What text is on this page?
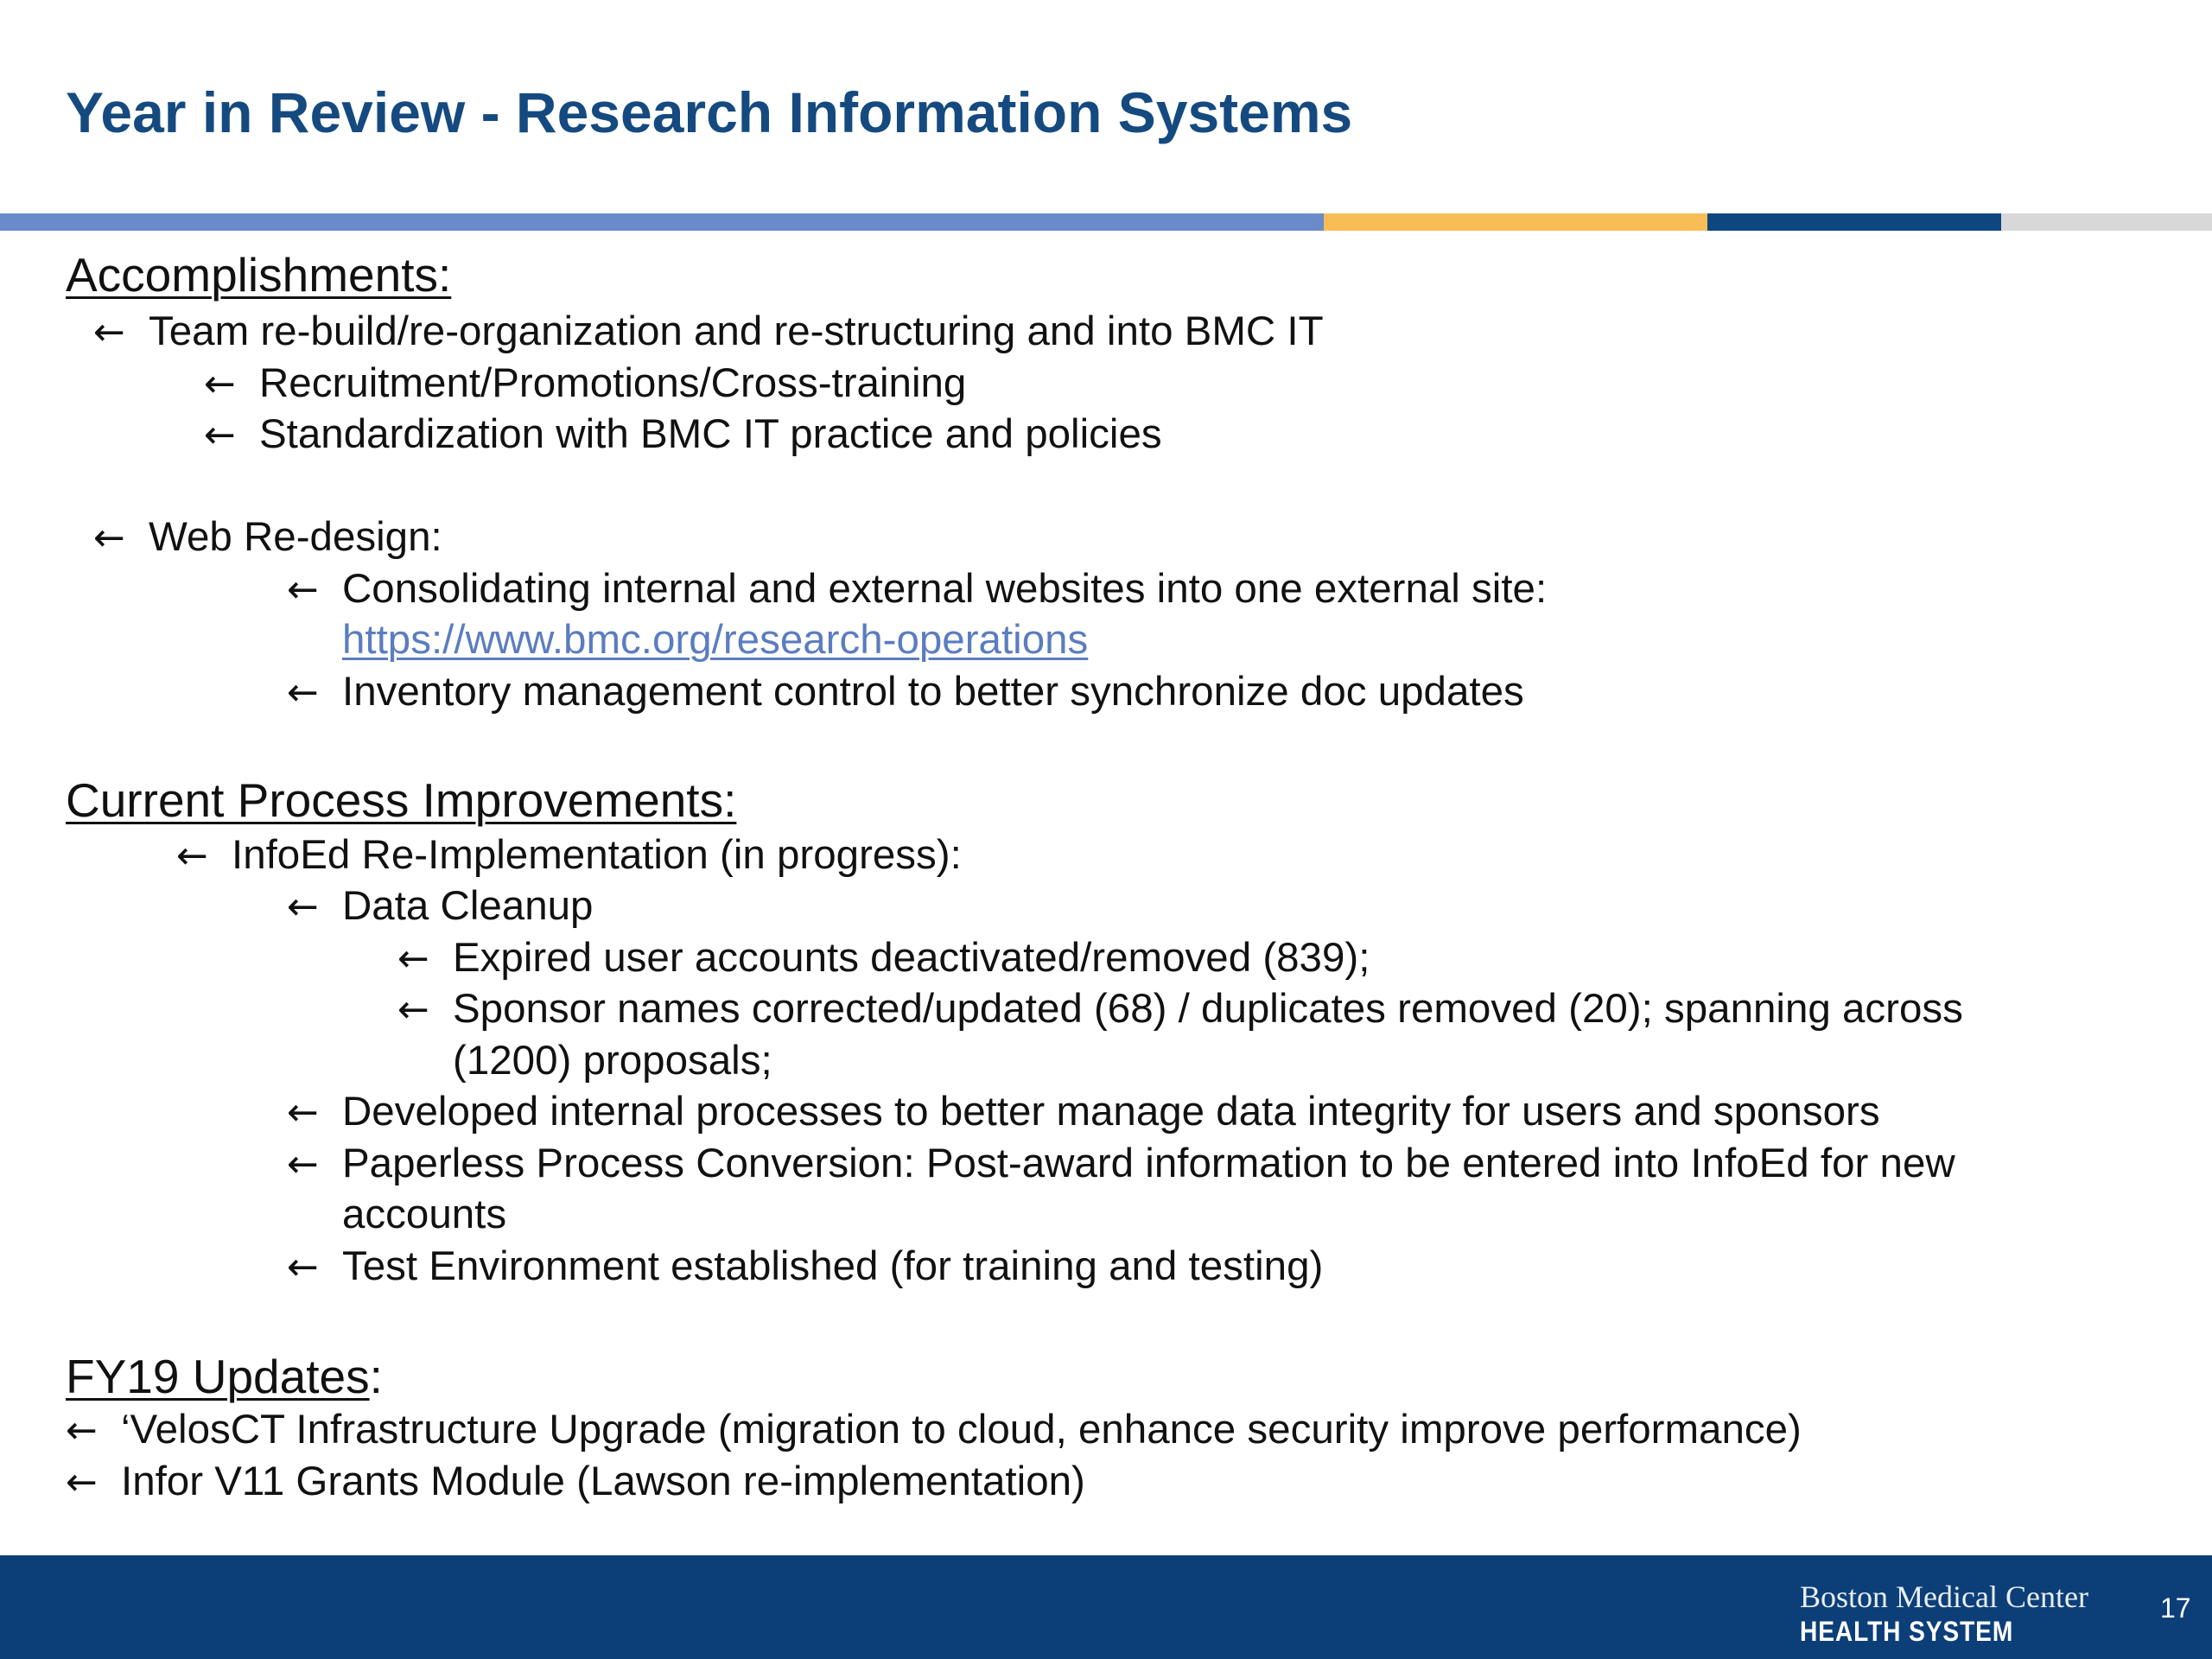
Year in Review - Research Information Systems
Accomplishments:
← Team re-build/re-organization and re-structuring and into BMC IT
← Recruitment/Promotions/Cross-training
← Standardization with BMC IT practice and policies
← Web Re-design:
← Consolidating internal and external websites into one external site:
https://www.bmc.org/research-operations
← Inventory management control to better synchronize doc updates
Current Process Improvements:
← InfoEd Re-Implementation (in progress):
← Data Cleanup
← Expired user accounts deactivated/removed (839);
← Sponsor names corrected/updated (68) / duplicates removed (20); spanning across
(1200) proposals;
← Developed internal processes to better manage data integrity for users and sponsors
← Paperless Process Conversion: Post-award information to be entered into InfoEd for new
accounts
← Test Environment established (for training and testing)
FY19 Updates:
← ‘VelosCT Infrastructure Upgrade (migration to cloud, enhance security improve performance)
← Infor V11 Grants Module (Lawson re-implementation)
Boston Medical Center
HEALTH SYSTEM
17
